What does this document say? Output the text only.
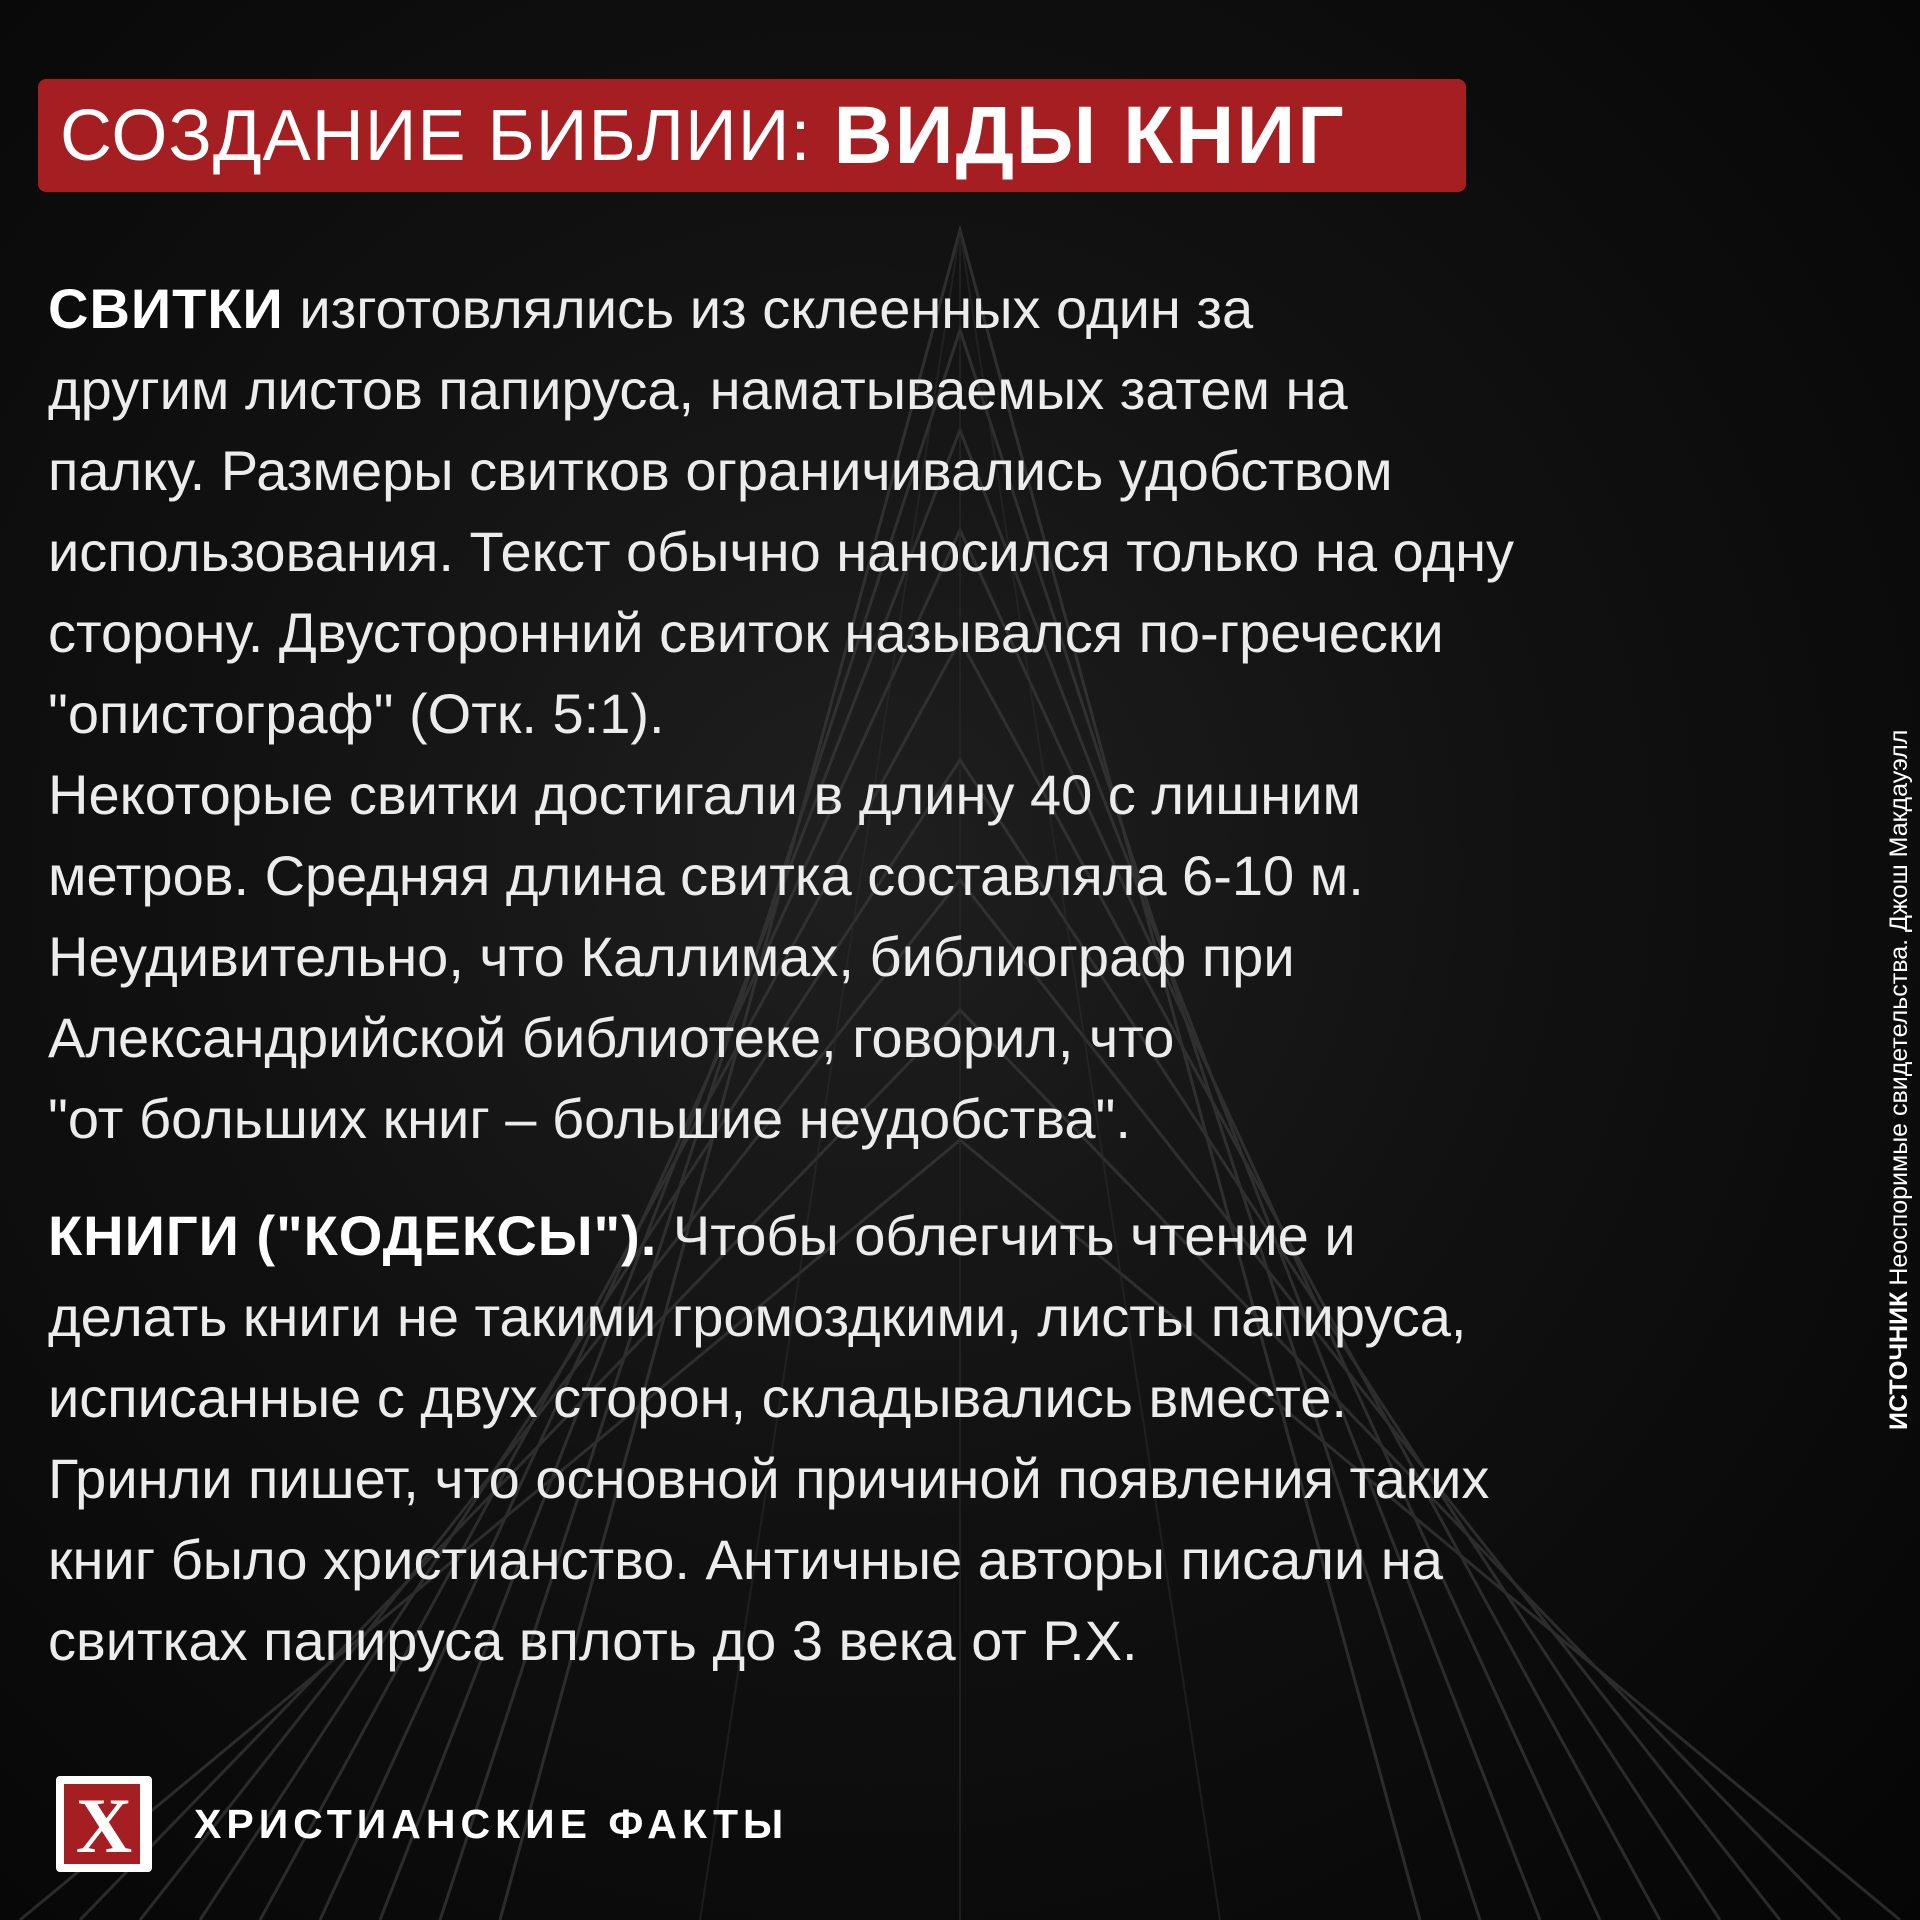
СОЗДАНИЕ БИБЛИИ: ВИДЫ КНИГ
СВИТКИ изготовлялись из склеенных один за
другим листов папируса, наматываемых затем на
палку. Размеры свитков ограничивались удобством
использования. Текст обычно наносился только на одну
сторону. Двусторонний свиток назывался по-гречески
"опистограф" (Отк. 5:1).
Некоторые свитки достигали в длину 40 с лишним
метров. Средняя длина свитка составляла 6-10 м.
Неудивительно, что Каллимах, библиограф при
Александрийской библиотеке, говорил, что
"от больших книг – большие неудобства".
КНИГИ ("КОДЕКСЫ"). Чтобы облегчить чтение и
делать книги не такими громоздкими, листы папируса,
исписанные с двух сторон, складывались вместе.
Гринли пишет, что основной причиной появления таких
книг было христианство. Античные авторы писали на
свитках папируса вплоть до 3 века от Р.Х.
ИСТОЧНИКНеоспоримые свидетельства. Джош Макдауэлл
X ХРИСТИАНСКИЕ ФАКТЫ
